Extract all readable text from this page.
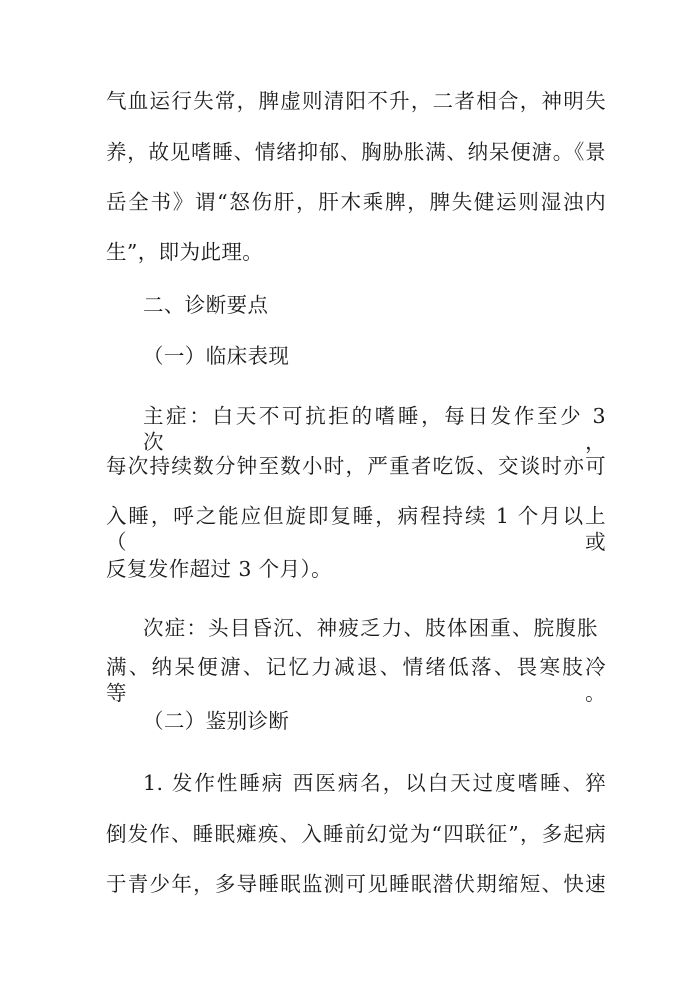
气血运行失常，脾虚则清阳不升，二者相合，神明失
养，故见嗜睡、情绪抑郁、胸胁胀满、纳呆便溏。《景
岳全书》谓“怒伤肝，肝木乘脾，脾失健运则湿浊内
生”，即为此理。
二、诊断要点
（一）临床表现
主症：白天不可抗拒的嗜睡，每日发作至少 3 次，
每次持续数分钟至数小时，严重者吃饭、交谈时亦可
入睡，呼之能应但旋即复睡，病程持续 1 个月以上（或
反复发作超过 3 个月）。
次症：头目昏沉、神疲乏力、肢体困重、脘腹胀
满、纳呆便溏、记忆力减退、情绪低落、畏寒肢冷等。
（二）鉴别诊断
1. 发作性睡病 西医病名，以白天过度嗜睡、猝
倒发作、睡眠瘫痪、入睡前幻觉为“四联征”，多起病
于青少年，多导睡眠监测可见睡眠潜伏期缩短、快速
